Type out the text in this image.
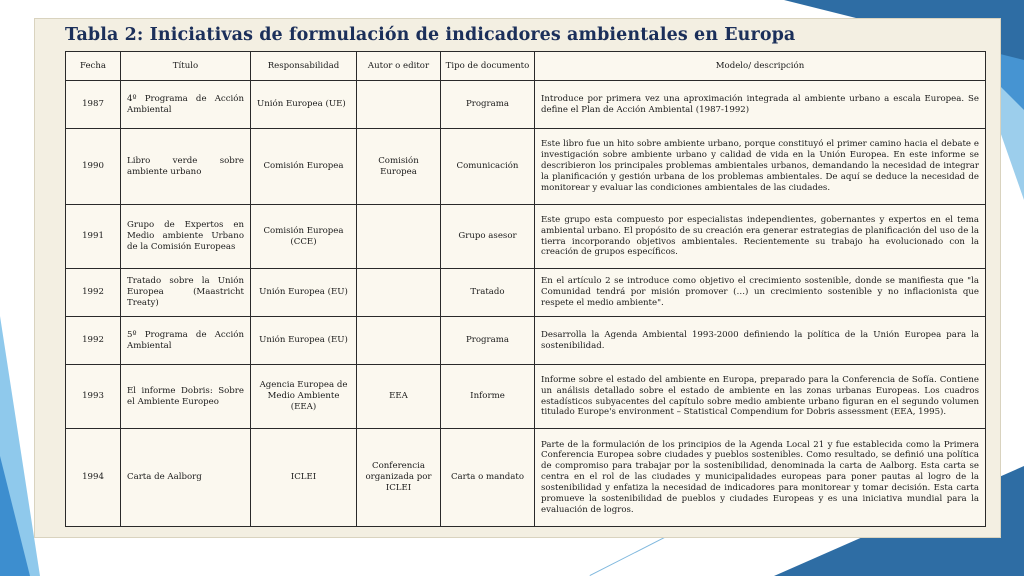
Tabla 2: Iniciativas de formulación de indicadores ambientales en Europa
Fecha	Título	Responsabilidad	Autor o editor	Tipo de documento	Modelo/ descripción
1987	4º Programa de Acción Ambiental	Unión Europea (UE)		Programa	Introduce por primera vez una aproximación integrada al ambiente urbano a escala Europea. Se define el Plan de Acción Ambiental (1987-1992)
1990	Libro verde sobre ambiente urbano	Comisión Europea	Comisión Europea	Comunicación	Este libro fue un hito sobre ambiente urbano, porque constituyó el primer camino hacia el debate e investigación sobre ambiente urbano y calidad de vida en la Unión Europea. En este informe se describieron los principales problemas ambientales urbanos, demandando la necesidad de integrar la planificación y gestión urbana de los problemas ambientales. De aquí se deduce la necesidad de monitorear y evaluar las condiciones ambientales de las ciudades.
1991	Grupo de Expertos en Medio ambiente Urbano de la Comisión Europeas	Comisión Europea (CCE)		Grupo asesor	Este grupo esta compuesto por especialistas independientes, gobernantes y expertos en el tema ambiental urbano. El propósito de su creación era generar estrategias de planificación del uso de la tierra incorporando objetivos ambientales. Recientemente su trabajo ha evolucionado con la creación de grupos específicos.
1992	Tratado sobre la Unión Europea (Maastricht Treaty)	Unión Europea (EU)		Tratado	En el artículo 2 se introduce como objetivo el crecimiento sostenible, donde se manifiesta que "la Comunidad tendrá por misión promover (…) un crecimiento sostenible y no inflacionista que respete el medio ambiente".
1992	5º Programa de Acción Ambiental	Unión Europea (EU)		Programa	Desarrolla la Agenda Ambiental 1993-2000 definiendo la política de la Unión Europea para la sostenibilidad.
1993	El informe Dobris: Sobre el Ambiente Europeo	Agencia Europea de Medio Ambiente (EEA)	EEA	Informe	Informe sobre el estado del ambiente en Europa, preparado para la Conferencia de Sofía. Contiene un análisis detallado sobre el estado de ambiente en las zonas urbanas Europeas. Los cuadros estadísticos subyacentes del capítulo sobre medio ambiente urbano figuran en el segundo volumen titulado Europe's environment – Statistical Compendium for Dobris assessment (EEA, 1995).
1994	Carta de Aalborg	ICLEI	Conferencia organizada por ICLEI	Carta o mandato	Parte de la formulación de los principios de la Agenda Local 21 y fue establecida como la Primera Conferencia Europea sobre ciudades y pueblos sostenibles. Como resultado, se definió una política de compromiso para trabajar por la sostenibilidad, denominada la carta de Aalborg. Esta carta se centra en el rol de las ciudades y municipalidades europeas para poner pautas al logro de la sostenibilidad y enfatiza la necesidad de indicadores para monitorear y tomar decisión. Esta carta promueve la sostenibilidad de pueblos y ciudades Europeas y es una iniciativa mundial para la evaluación de logros.
